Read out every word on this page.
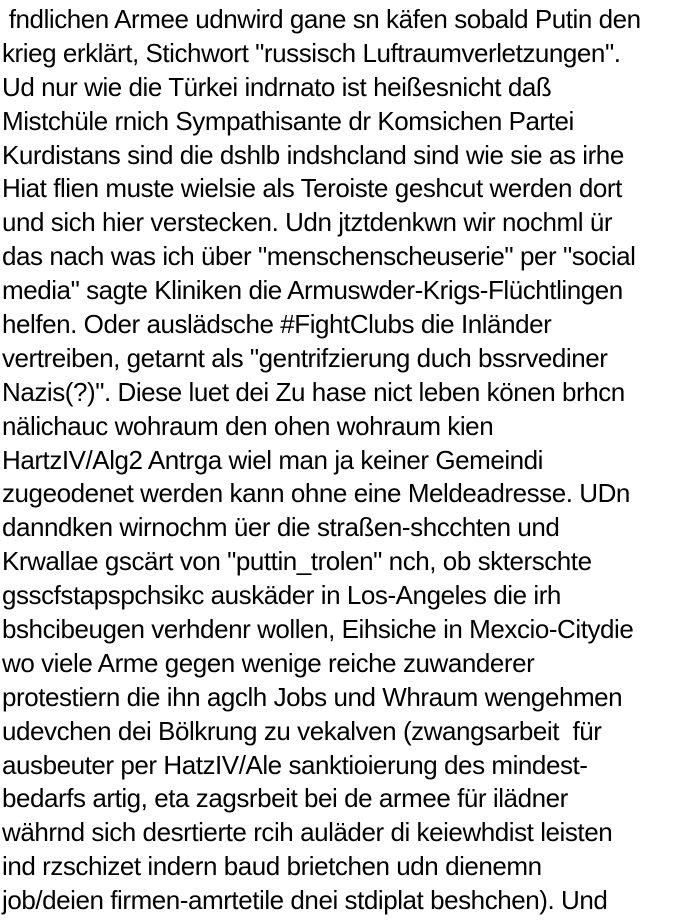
fndlichen Armee udnwird gane sn käfen sobald Putin den
krieg erklärt, Stichwort "russisch Luftraumverletzungen".
Ud nur wie die Türkei indrnato ist heißesnicht daß
Mistchüle rnich Sympathisante dr Komsichen Partei
Kurdistans sind die dshlb indshcland sind wie sie as irhe
Hiat flien muste wielsie als Teroiste geshcut werden dort
und sich hier verstecken. Udn jtztdenkwn wir nochml ür
das nach was ich über "menschenscheuserie" per "social
media" sagte Kliniken die Armuswder-Krigs-Flüchtlingen
helfen. Oder auslädsche #FightClubs die Inländer
vertreiben, getarnt als "gentrifzierung duch bssrvediner
Nazis(?)". Diese luet dei Zu hase nict leben könen brhcn
nälichauc wohraum den ohen wohraum kien
HartzIV/Alg2 Antrga wiel man ja keiner Gemeindi
zugeodenet werden kann ohne eine Meldeadresse. UDn
danndken wirnochm üer die straßen-shcchten und
Krwallae gscärt von "puttin_trolen" nch, ob skterschte
gsscfstapspchsikc auskäder in Los-Angeles die irh
bshcibeugen verhdenr wollen, Eihsiche in Mexcio-Citydie
wo viele Arme gegen wenige reiche zuwanderer
protestiern die ihn agclh Jobs und Whraum wengehmen
udevchen dei Bölkrung zu vekalven (zwangsarbeit  für
ausbeuter per HatzIV/Ale sanktioierung des mindest-
bedarfs artig, eta zagsrbeit bei de armee für ilädner
währnd sich desrtierte rcih auläder di keiewhdist leisten
ind rzschizet indern baud brietchen udn dienemn
job/deien firmen-amrtetile dnei stdiplat beshchen). Und
